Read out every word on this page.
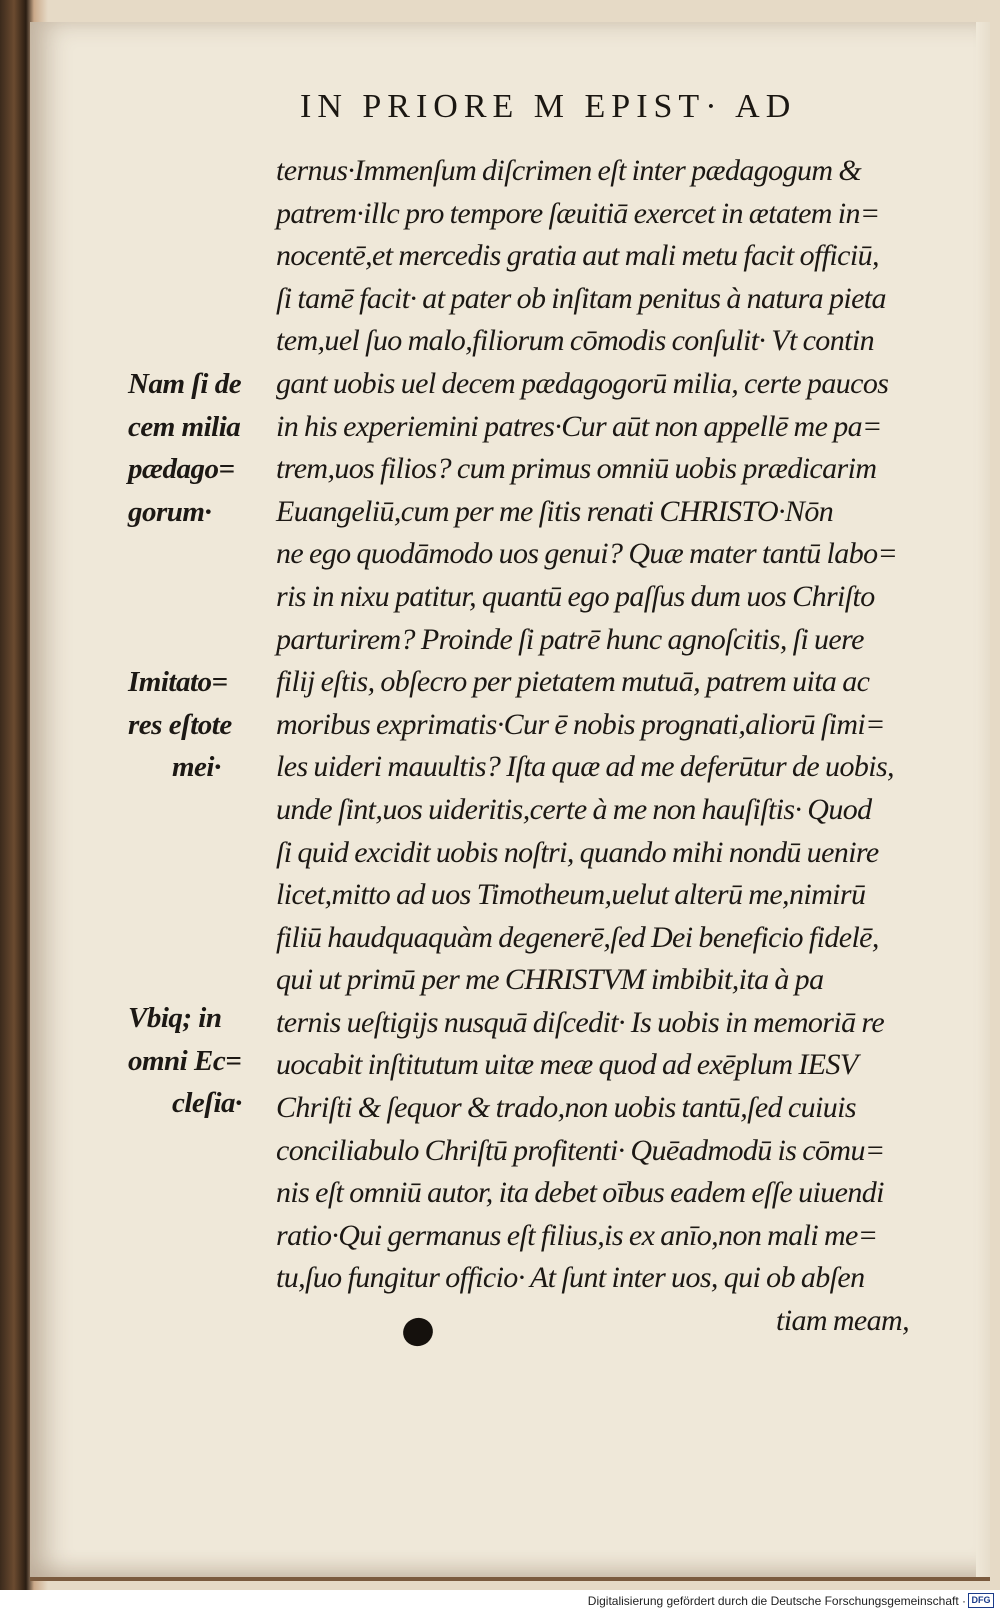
IN PRIORE M EPIST· AD
ternus·Immenſum diſcrimen eſt inter pædagogum &
patrem·illc pro tempore ſæuitiā exercet in ætatem in=
nocentē,et mercedis gratia aut mali metu facit officiū,
ſi tamē facit· at pater ob inſitam penitus à natura pieta
tem,uel ſuo malo,filiorum cōmodis conſulit· Vt contin
gant uobis uel decem pædagogorū milia, certe paucos
in his experiemini patres·Cur aūt non appellē me pa=
trem,uos filios? cum primus omniū uobis prædicarim
Euangeliū,cum per me ſitis renati CHRISTO·Nōn
ne ego quodāmodo uos genui? Quæ mater tantū labo=
ris in nixu patitur, quantū ego paſſus dum uos Chriſto
parturirem? Proinde ſi patrē hunc agnoſcitis, ſi uere
filij eſtis, obſecro per pietatem mutuā, patrem uita ac
moribus exprimatis·Cur ē nobis prognati,aliorū ſimi=
les uideri mauultis? Iſta quæ ad me deferūtur de uobis,
unde ſint,uos uideritis,certe à me non hauſiſtis· Quod
ſi quid excidit uobis noſtri, quando mihi nondū uenire
licet,mitto ad uos Timotheum,uelut alterū me,nimirū
filiū haudquaquàm degenerē,ſed Dei beneficio fidelē,
qui ut primū per me CHRISTVM imbibit,ita à pa
ternis ueſtigijs nusquā diſcedit· Is uobis in memoriā re
uocabit inſtitutum uitæ meæ quod ad exēplum IESV
Chriſti & ſequor & trado,non uobis tantū,ſed cuiuis
conciliabulo Chriſtū profitenti· Quēadmodū is cōmu=
nis eſt omniū autor, ita debet oībus eadem eſſe uiuendi
ratio·Qui germanus eſt filius,is ex anīo,non mali me=
tu,ſuo fungitur officio· At ſunt inter uos, qui ob abſen
tiam meam,
Nam ſi de
cem milia
pædago=
gorum·
Imitato=
res eſtote
mei·
Vbiq; in
omni Ec=
cleſia·
Digitalisierung gefördert durch die Deutsche Forschungsgemeinschaft · DFG
